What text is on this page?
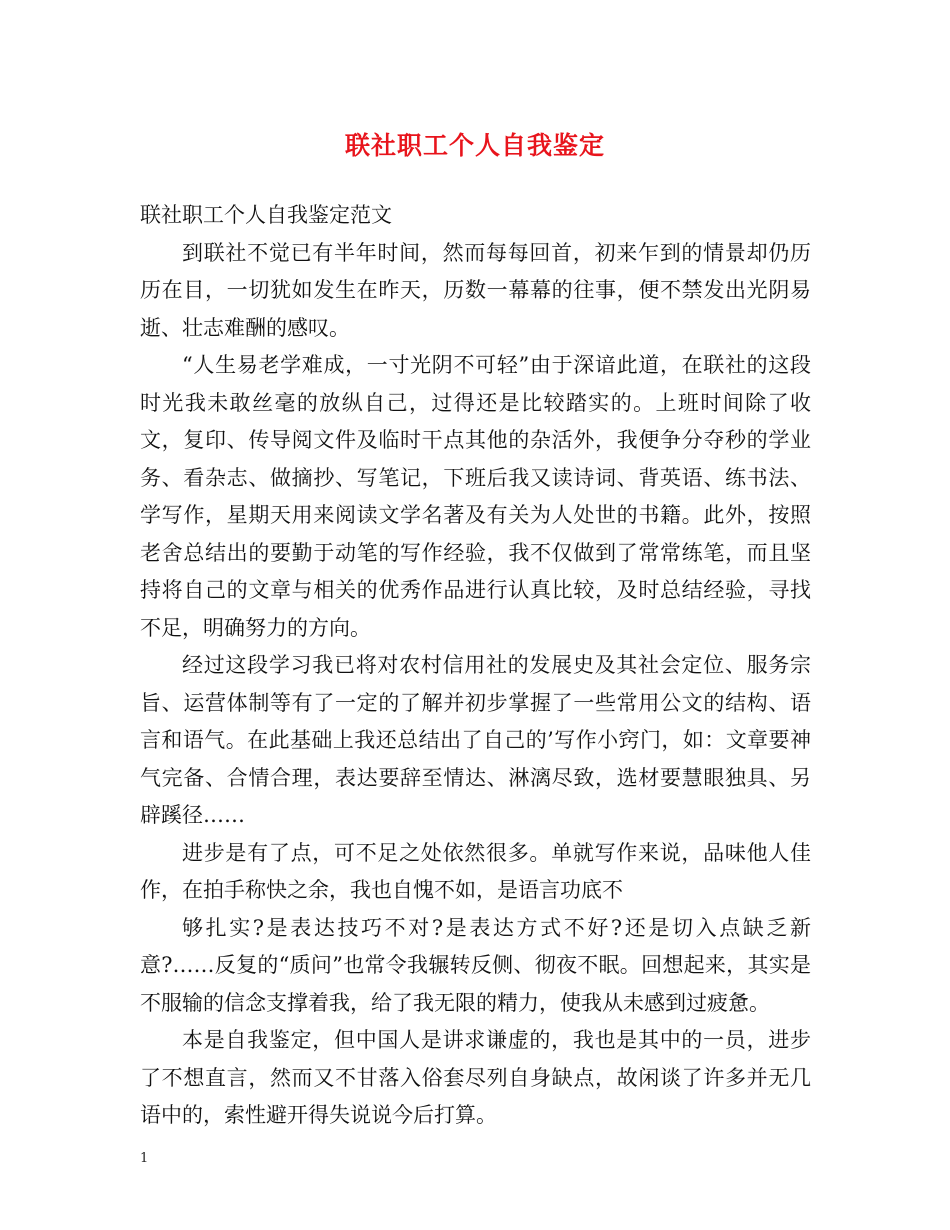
联社职工个人自我鉴定

联社职工个人自我鉴定范文

到联社不觉已有半年时间，然而每每回首，初来乍到的情景却仍历历在目，一切犹如发生在昨天，历数一幕幕的往事，便不禁发出光阴易逝、壮志难酬的感叹。

“人生易老学难成，一寸光阴不可轻”由于深谙此道，在联社的这段时光我未敢丝毫的放纵自己，过得还是比较踏实的。上班时间除了收文，复印、传导阅文件及临时干点其他的杂活外，我便争分夺秒的学业务、看杂志、做摘抄、写笔记，下班后我又读诗词、背英语、练书法、学写作，星期天用来阅读文学名著及有关为人处世的书籍。此外，按照老舍总结出的要勤于动笔的写作经验，我不仅做到了常常练笔，而且坚持将自己的文章与相关的优秀作品进行认真比较，及时总结经验，寻找不足，明确努力的方向。

经过这段学习我已将对农村信用社的发展史及其社会定位、服务宗旨、运营体制等有了一定的了解并初步掌握了一些常用公文的结构、语言和语气。在此基础上我还总结出了自己的’写作小窍门，如：文章要神气完备、合情合理，表达要辞至情达、淋漓尽致，选材要慧眼独具、另辟蹊径……

进步是有了点，可不足之处依然很多。单就写作来说，品味他人佳作，在拍手称快之余，我也自愧不如，是语言功底不

够扎实?是表达技巧不对?是表达方式不好?还是切入点缺乏新意?……反复的“质问”也常令我辗转反侧、彻夜不眠。回想起来，其实是不服输的信念支撑着我，给了我无限的精力，使我从未感到过疲惫。

本是自我鉴定，但中国人是讲求谦虚的，我也是其中的一员，进步了不想直言，然而又不甘落入俗套尽列自身缺点，故闲谈了许多并无几语中的，索性避开得失说说今后打算。

1
